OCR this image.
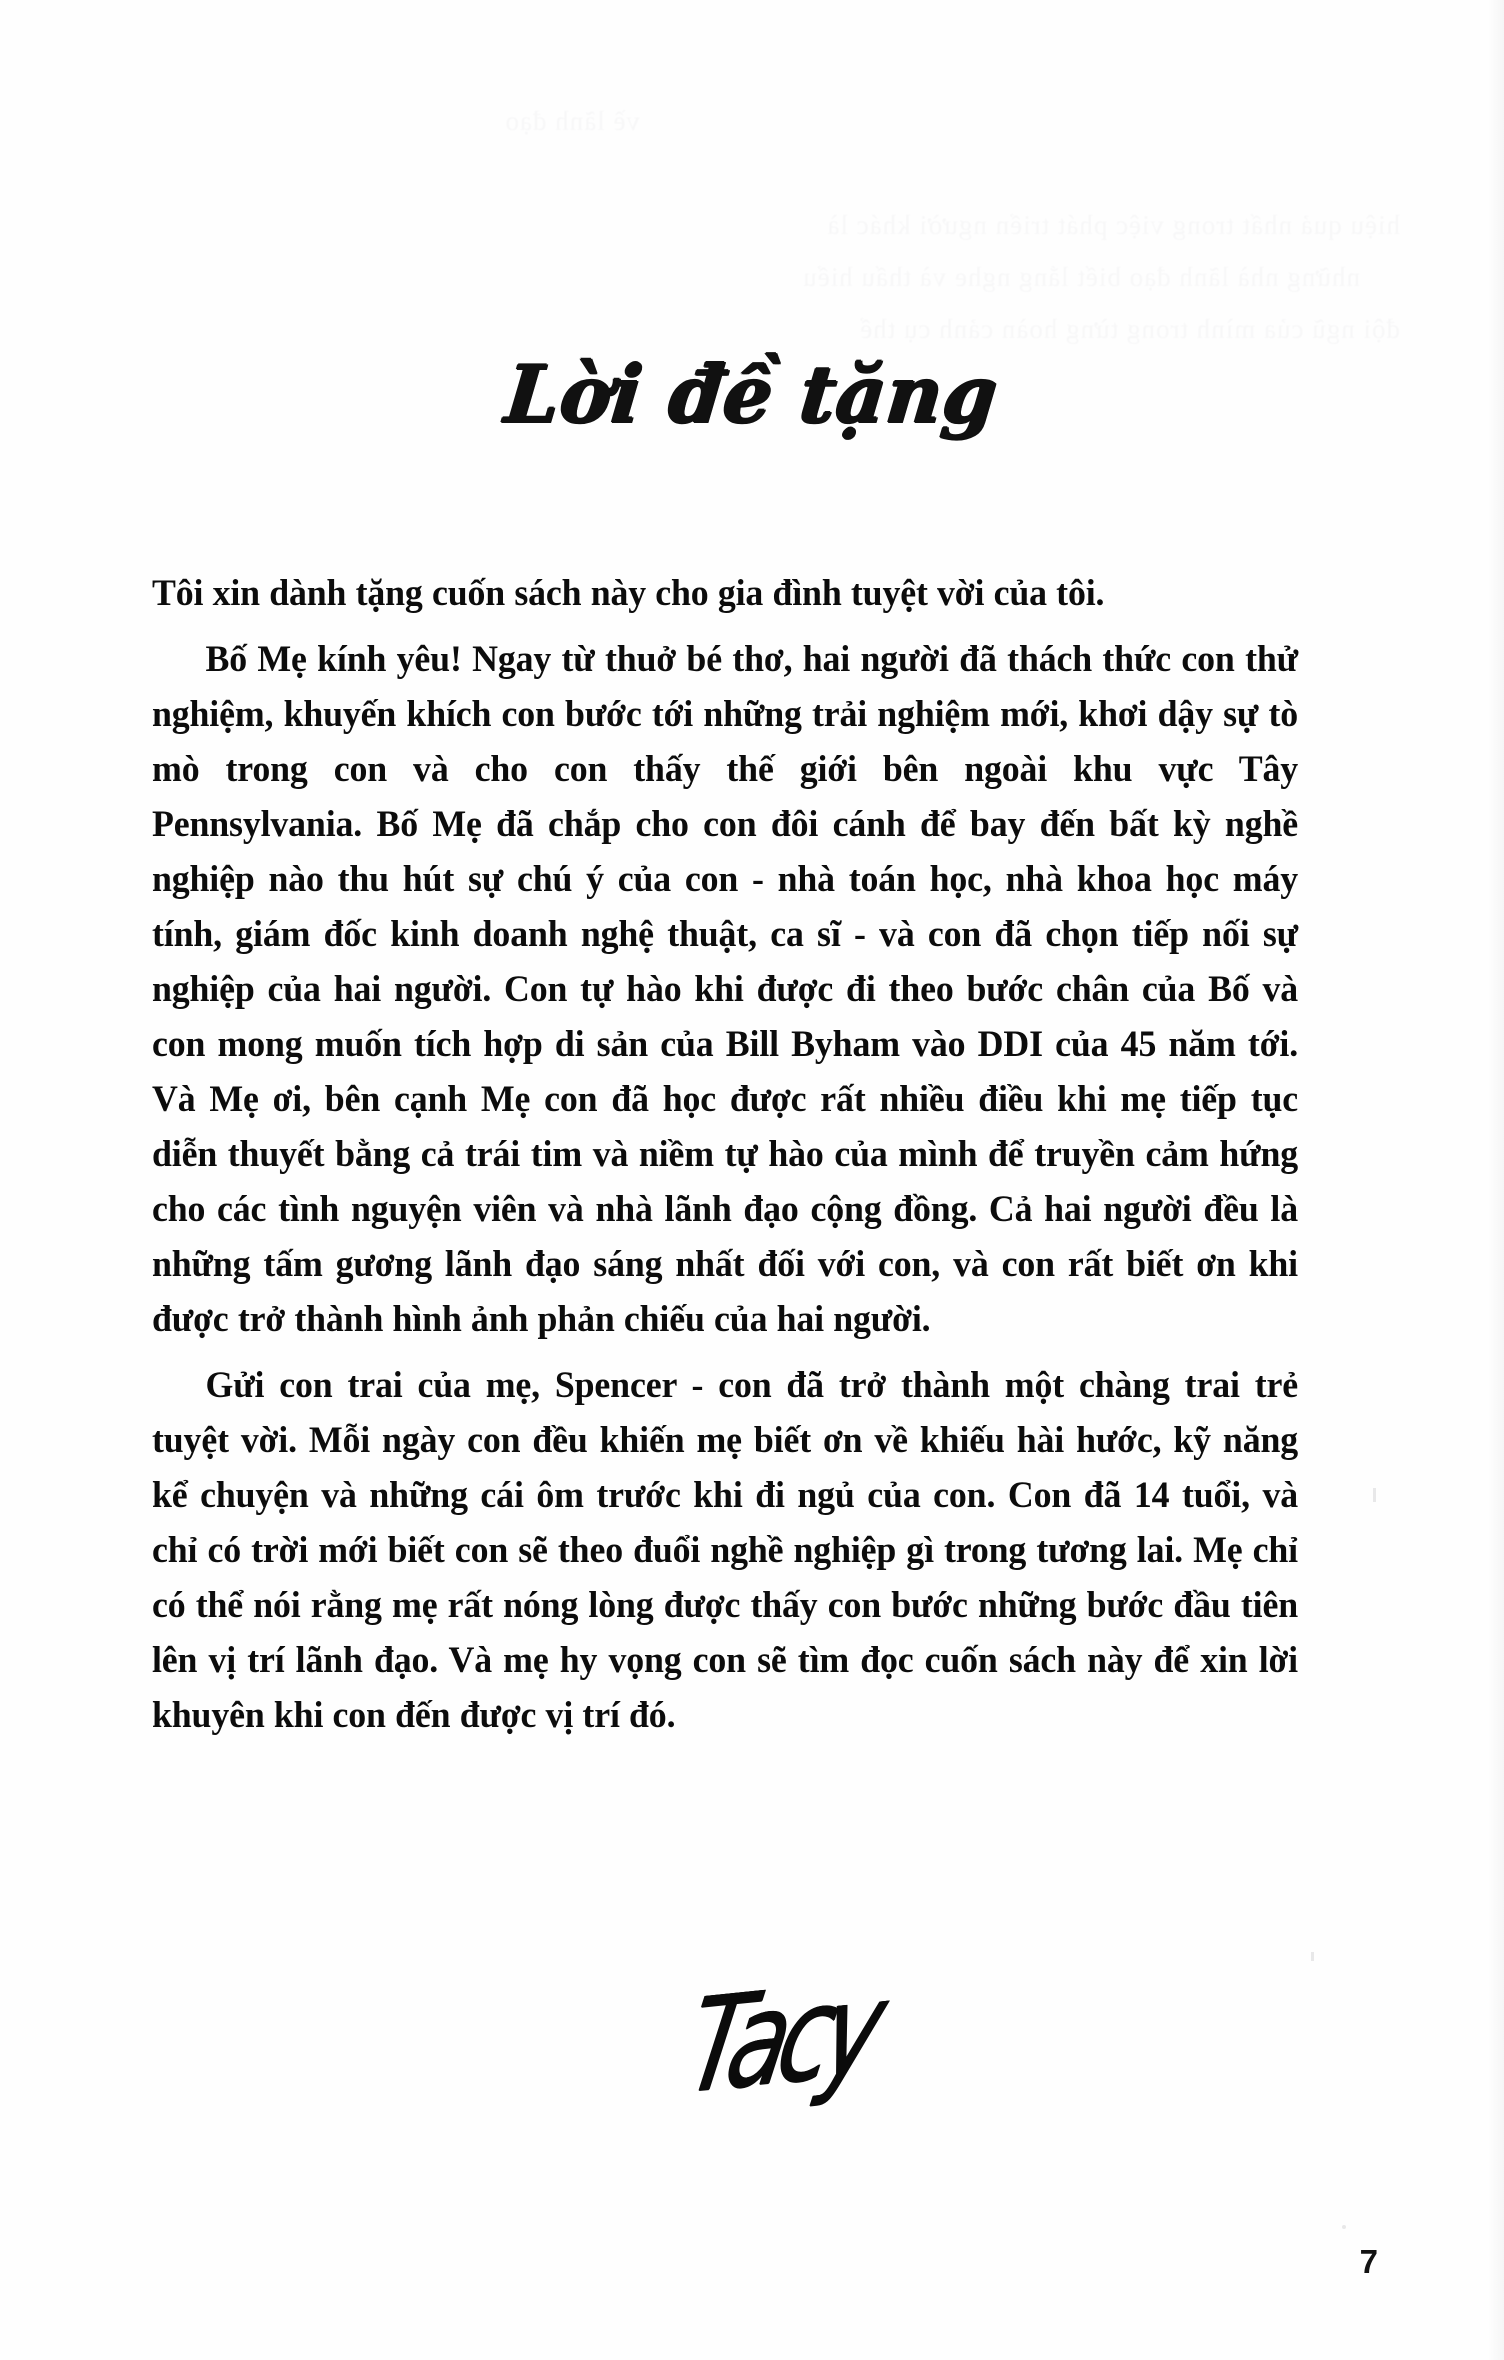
Lời đề tặng

Tôi xin dành tặng cuốn sách này cho gia đình tuyệt vời của tôi.

Bố Mẹ kính yêu! Ngay từ thuở bé thơ, hai người đã thách thức con thử nghiệm, khuyến khích con bước tới những trải nghiệm mới, khơi dậy sự tò mò trong con và cho con thấy thế giới bên ngoài khu vực Tây Pennsylvania. Bố Mẹ đã chắp cho con đôi cánh để bay đến bất kỳ nghề nghiệp nào thu hút sự chú ý của con - nhà toán học, nhà khoa học máy tính, giám đốc kinh doanh nghệ thuật, ca sĩ - và con đã chọn tiếp nối sự nghiệp của hai người. Con tự hào khi được đi theo bước chân của Bố và con mong muốn tích hợp di sản của Bill Byham vào DDI của 45 năm tới. Và Mẹ ơi, bên cạnh Mẹ con đã học được rất nhiều điều khi mẹ tiếp tục diễn thuyết bằng cả trái tim và niềm tự hào của mình để truyền cảm hứng cho các tình nguyện viên và nhà lãnh đạo cộng đồng. Cả hai người đều là những tấm gương lãnh đạo sáng nhất đối với con, và con rất biết ơn khi được trở thành hình ảnh phản chiếu của hai người.

Gửi con trai của mẹ, Spencer - con đã trở thành một chàng trai trẻ tuyệt vời. Mỗi ngày con đều khiến mẹ biết ơn về khiếu hài hước, kỹ năng kể chuyện và những cái ôm trước khi đi ngủ của con. Con đã 14 tuổi, và chỉ có trời mới biết con sẽ theo đuổi nghề nghiệp gì trong tương lai. Mẹ chỉ có thể nói rằng mẹ rất nóng lòng được thấy con bước những bước đầu tiên lên vị trí lãnh đạo. Và mẹ hy vọng con sẽ tìm đọc cuốn sách này để xin lời khuyên khi con đến được vị trí đó.

Tacy
7
